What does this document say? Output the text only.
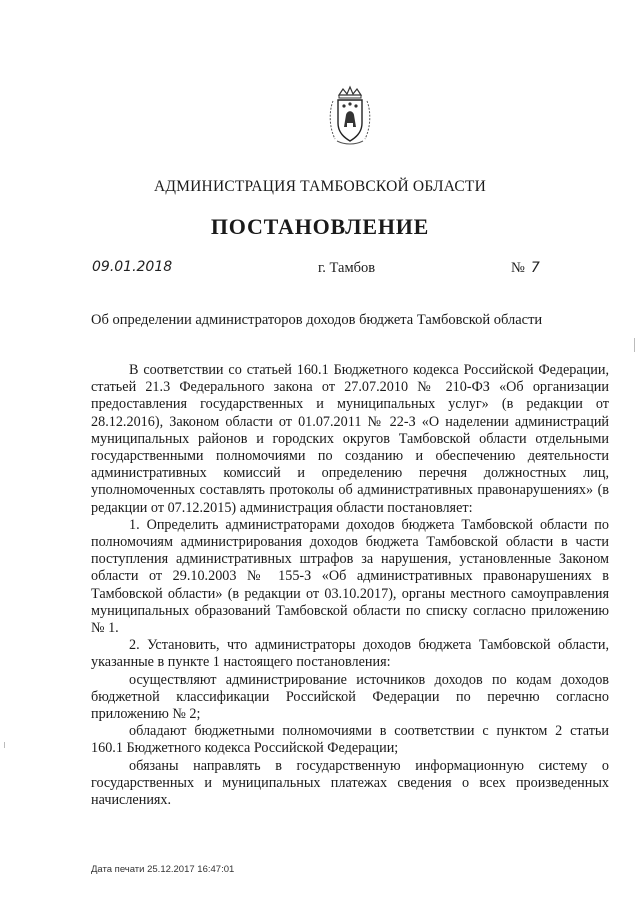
АДМИНИСТРАЦИЯ ТАМБОВСКОЙ ОБЛАСТИ
ПОСТАНОВЛЕНИЕ
09.01.2018	г. Тамбов	№ 7
Об определении администраторов доходов бюджета Тамбовской области

В соответствии со статьей 160.1 Бюджетного кодекса Российской Федерации, статьей 21.3 Федерального закона от 27.07.2010 № 210-ФЗ «Об организации предоставления государственных и муниципальных услуг» (в редакции от 28.12.2016), Законом области от 01.07.2011 № 22-З «О наделении администраций муниципальных районов и городских округов Тамбовской области отдельными государственными полномочиями по созданию и обеспечению деятельности административных комиссий и определению перечня должностных лиц, уполномоченных составлять протоколы об административных правонарушениях» (в редакции от 07.12.2015) администрация области постановляет:

1. Определить администраторами доходов бюджета Тамбовской области по полномочиям администрирования доходов бюджета Тамбовской области в части поступления административных штрафов за нарушения, установленные Законом области от 29.10.2003 № 155-З «Об административных правонарушениях в Тамбовской области» (в редакции от 03.10.2017), органы местного самоуправления муниципальных образований Тамбовской области по списку согласно приложению № 1.

2. Установить, что администраторы доходов бюджета Тамбовской области, указанные в пункте 1 настоящего постановления:

осуществляют администрирование источников доходов по кодам доходов бюджетной классификации Российской Федерации по перечню согласно приложению № 2;

обладают бюджетными полномочиями в соответствии с пунктом 2 статьи 160.1 Бюджетного кодекса Российской Федерации;

обязаны направлять в государственную информационную систему о государственных и муниципальных платежах сведения о всех произведенных начислениях.

Дата печати 25.12.2017 16:47:01
